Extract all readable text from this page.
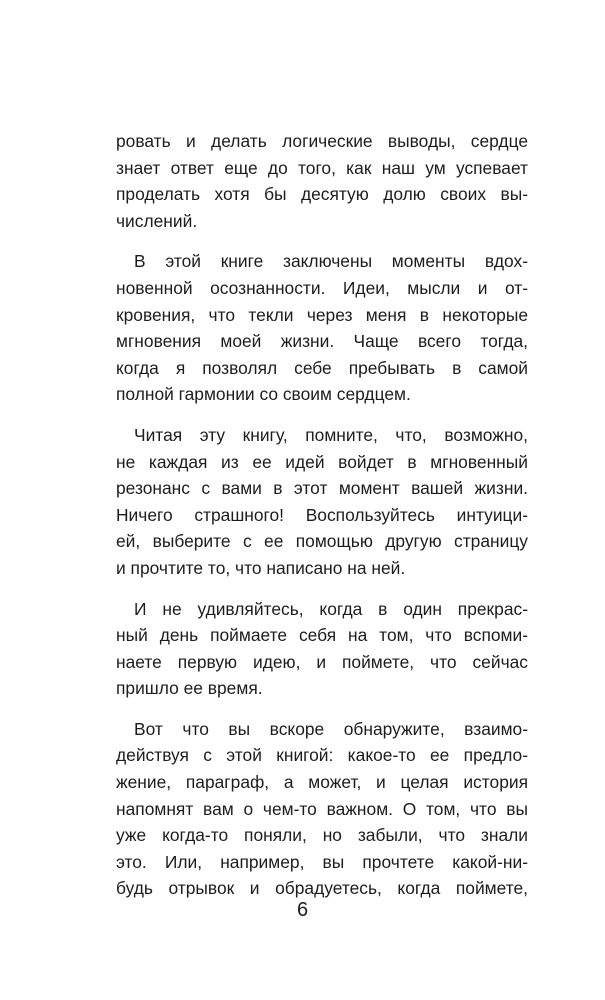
ровать и делать логические выводы, сердце
знает ответ еще до того, как наш ум успевает
проделать хотя бы десятую долю своих вы-
числений.

В этой книге заключены моменты вдох-
новенной осознанности. Идеи, мысли и от-
кровения, что текли через меня в некоторые
мгновения моей жизни. Чаще всего тогда,
когда я позволял себе пребывать в самой
полной гармонии со своим сердцем.

Читая эту книгу, помните, что, возможно,
не каждая из ее идей войдет в мгновенный
резонанс с вами в этот момент вашей жизни.
Ничего страшного! Воспользуйтесь интуици-
ей, выберите с ее помощью другую страницу
и прочтите то, что написано на ней.

И не удивляйтесь, когда в один прекрас-
ный день поймаете себя на том, что вспоми-
наете первую идею, и поймете, что сейчас
пришло ее время.

Вот что вы вскоре обнаружите, взаимо-
действуя с этой книгой: какое-то ее предло-
жение, параграф, а может, и целая история
напомнят вам о чем-то важном. О том, что вы
уже когда-то поняли, но забыли, что знали
это. Или, например, вы прочтете какой-ни-
будь отрывок и обрадуетесь, когда поймете,

6
